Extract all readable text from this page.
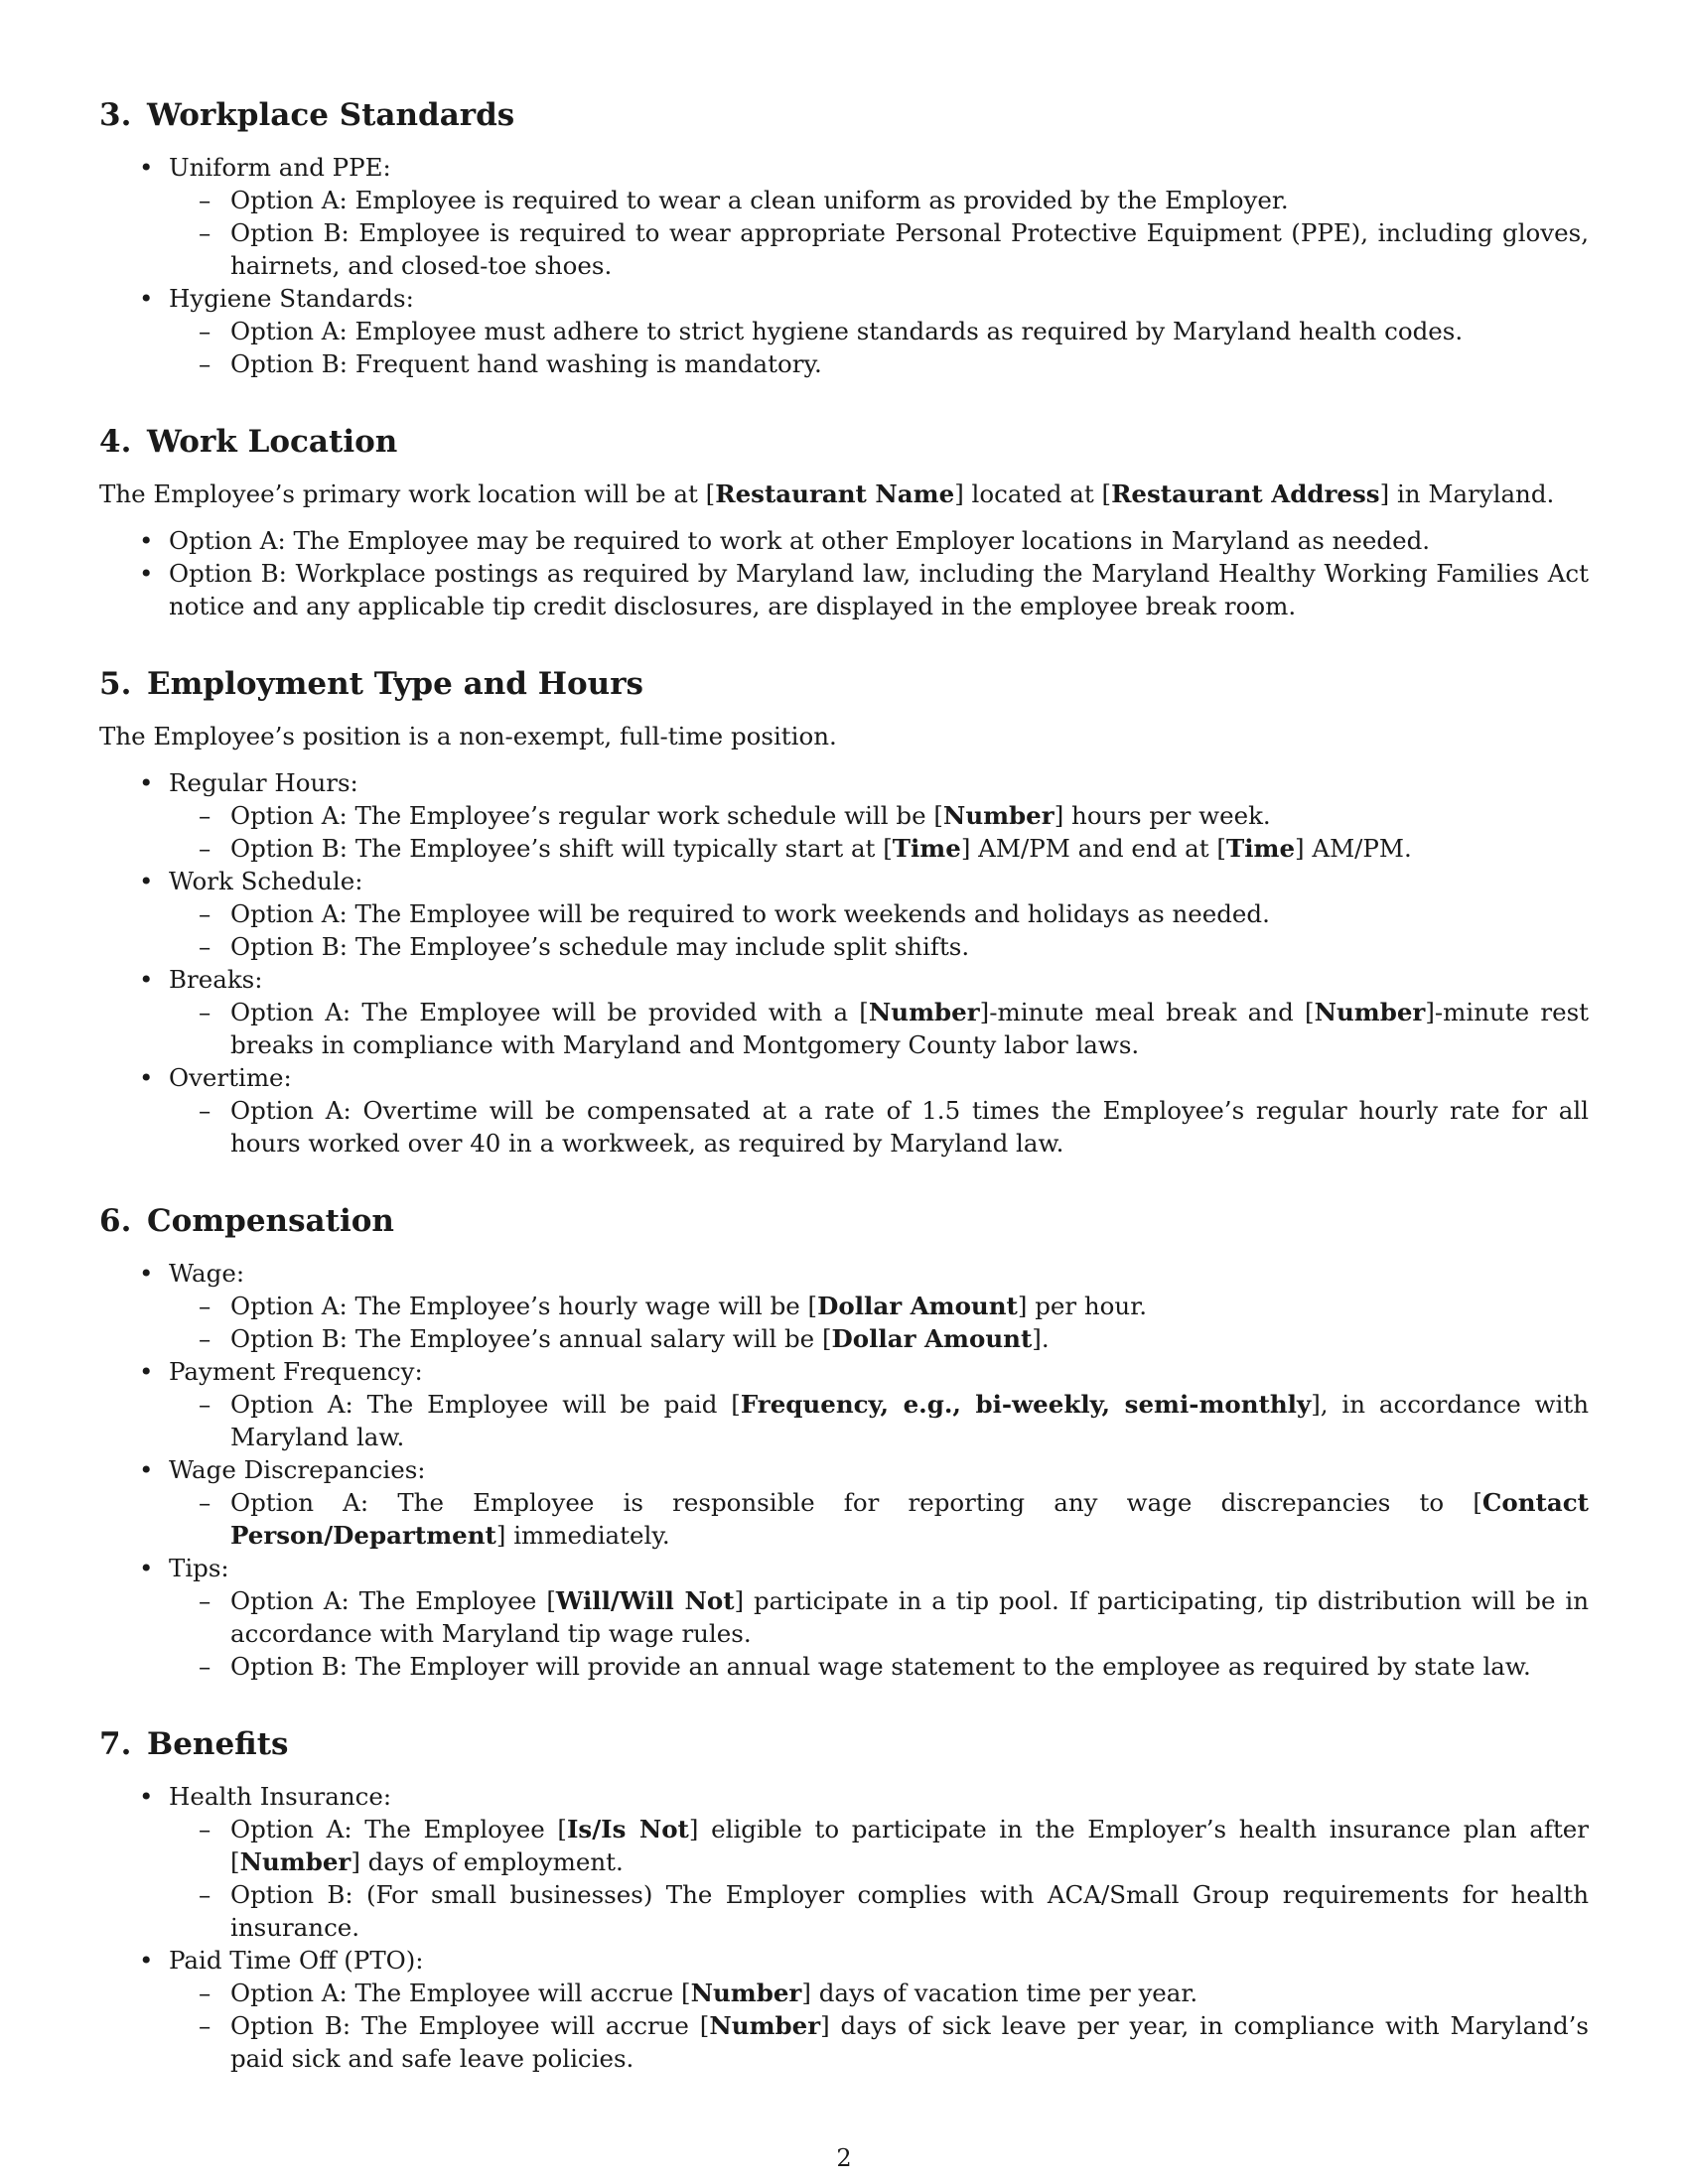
3. Workplace Standards
• Uniform and PPE:
– Option A: Employee is required to wear a clean uniform as provided by the Employer.
– Option B: Employee is required to wear appropriate Personal Protective Equipment (PPE), including gloves, hairnets, and closed-toe shoes.
• Hygiene Standards:
– Option A: Employee must adhere to strict hygiene standards as required by Maryland health codes.
– Option B: Frequent hand washing is mandatory.
4. Work Location

The Employee’s primary work location will be at [Restaurant Name] located at [Restaurant Address] in Maryland.

• Option A: The Employee may be required to work at other Employer locations in Maryland as needed.
• Option B: Workplace postings as required by Maryland law, including the Maryland Healthy Working Families Act notice and any applicable tip credit disclosures, are displayed in the employee break room.
5. Employment Type and Hours

The Employee’s position is a non-exempt, full-time position.

• Regular Hours:
– Option A: The Employee’s regular work schedule will be [Number] hours per week.
– Option B: The Employee’s shift will typically start at [Time] AM/PM and end at [Time] AM/PM.
• Work Schedule:
– Option A: The Employee will be required to work weekends and holidays as needed.
– Option B: The Employee’s schedule may include split shifts.
• Breaks:
– Option A: The Employee will be provided with a [Number]-minute meal break and [Number]-minute rest breaks in compliance with Maryland and Montgomery County labor laws.
• Overtime:
– Option A: Overtime will be compensated at a rate of 1.5 times the Employee’s regular hourly rate for all hours worked over 40 in a workweek, as required by Maryland law.
6. Compensation
• Wage:
– Option A: The Employee’s hourly wage will be [Dollar Amount] per hour.
– Option B: The Employee’s annual salary will be [Dollar Amount].
• Payment Frequency:
– Option A: The Employee will be paid [Frequency, e.g., bi-weekly, semi-monthly], in accordance with Maryland law.
• Wage Discrepancies:
– Option A: The Employee is responsible for reporting any wage discrepancies to [Contact Person/Department] immediately.
• Tips:
– Option A: The Employee [Will/Will Not] participate in a tip pool. If participating, tip distribution will be in accordance with Maryland tip wage rules.
– Option B: The Employer will provide an annual wage statement to the employee as required by state law.
7. Benefits
• Health Insurance:
– Option A: The Employee [Is/Is Not] eligible to participate in the Employer’s health insurance plan after [Number] days of employment.
– Option B: (For small businesses) The Employer complies with ACA/Small Group requirements for health insurance.
• Paid Time Off (PTO):
– Option A: The Employee will accrue [Number] days of vacation time per year.
– Option B: The Employee will accrue [Number] days of sick leave per year, in compliance with Maryland’s paid sick and safe leave policies.
2
